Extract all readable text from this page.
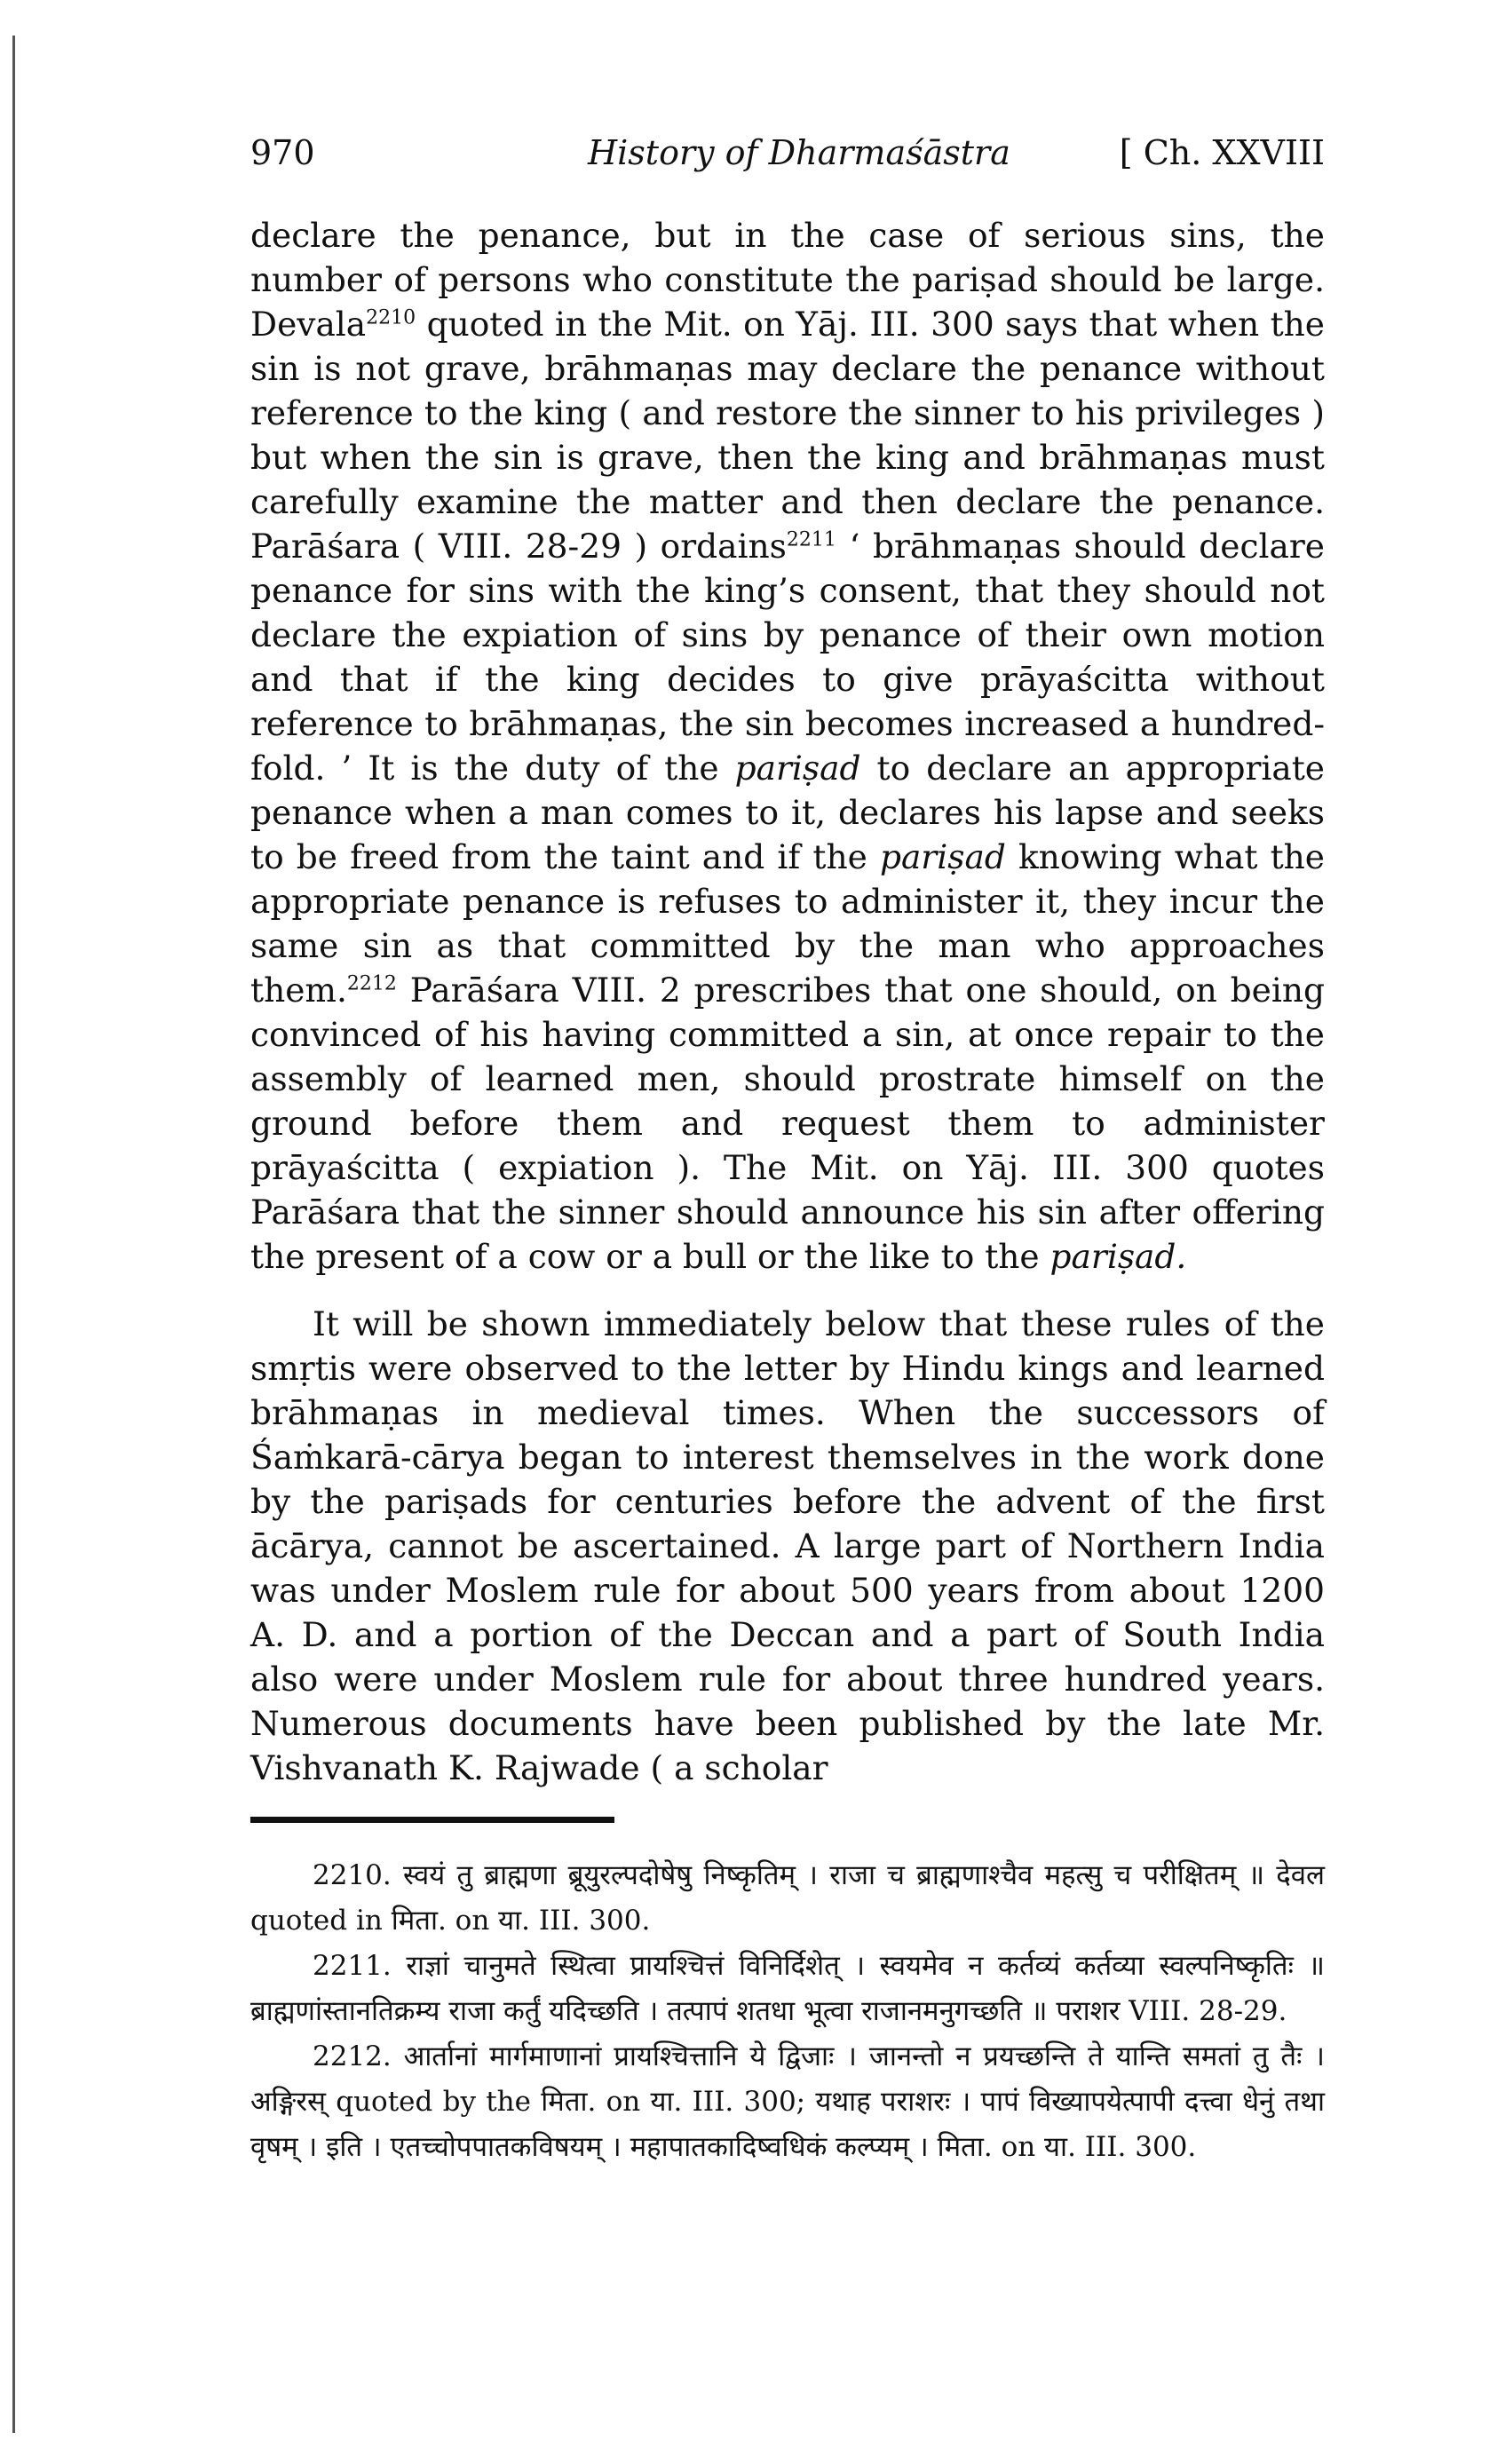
970	History of Dharmaśāstra	[ Ch. XXVIII

declare the penance, but in the case of serious sins, the number of persons who constitute the pariṣad should be large. Devala$^{2210}$ quoted in the Mit. on Yāj. III. 300 says that when the sin is not grave, brāhmaṇas may declare the penance without reference to the king ( and restore the sinner to his privileges ) but when the sin is grave, then the king and brāhmaṇas must carefully examine the matter and then declare the penance. Parāśara ( VIII. 28-29 ) ordains$^{2211}$ ‘ brāhmaṇas should declare penance for sins with the king’s consent, that they should not declare the expiation of sins by penance of their own motion and that if the king decides to give prāyaścitta without reference to brāhmaṇas, the sin becomes increased a hundred-fold. ’ It is the duty of the pariṣad to declare an appropriate penance when a man comes to it, declares his lapse and seeks to be freed from the taint and if the pariṣad knowing what the appropriate penance is refuses to administer it, they incur the same sin as that committed by the man who approaches them.$^{2212}$ Parāśara VIII. 2 prescribes that one should, on being convinced of his having committed a sin, at once repair to the assembly of learned men, should prostrate himself on the ground before them and request them to administer prāyaścitta ( expiation ). The Mit. on Yāj. III. 300 quotes Parāśara that the sinner should announce his sin after offering the present of a cow or a bull or the like to the pariṣad.

It will be shown immediately below that these rules of the smṛtis were observed to the letter by Hindu kings and learned brāhmaṇas in medieval times. When the successors of Śaṁkarā-cārya began to interest themselves in the work done by the pariṣads for centuries before the advent of the first ācārya, cannot be ascertained. A large part of Northern India was under Moslem rule for about 500 years from about 1200 A. D. and a portion of the Deccan and a part of South India also were under Moslem rule for about three hundred years. Numerous documents have been published by the late Mr. Vishvanath K. Rajwade ( a scholar

2210. स्वयं तु ब्राह्मणा ब्रूयुरल्पदोषेषु निष्कृतिम् । राजा च ब्राह्मणाश्चैव महत्सु च परीक्षितम् ॥ देवल quoted in मिता. on या. III. 300.

2211. राज्ञां चानुमते स्थित्वा प्रायश्चित्तं विनिर्दिशेत् । स्वयमेव न कर्तव्यं कर्तव्या स्वल्पनिष्कृतिः ॥ ब्राह्मणांस्तानतिक्रम्य राजा कर्तुं यदिच्छति । तत्पापं शतधा भूत्वा राजानमनुगच्छति ॥ पराशर VIII. 28-29.

2212. आर्तानां मार्गमाणानां प्रायश्चित्तानि ये द्विजाः । जानन्तो न प्रयच्छन्ति ते यान्ति समतां तु तैः । अङ्गिरस् quoted by the मिता. on या. III. 300; यथाह पराशरः । पापं विख्यापयेत्पापी दत्त्वा धेनुं तथा वृषम् । इति । एतच्चोपपातकविषयम् । महापातकादिष्वधिकं कल्प्यम् । मिता. on या. III. 300.
